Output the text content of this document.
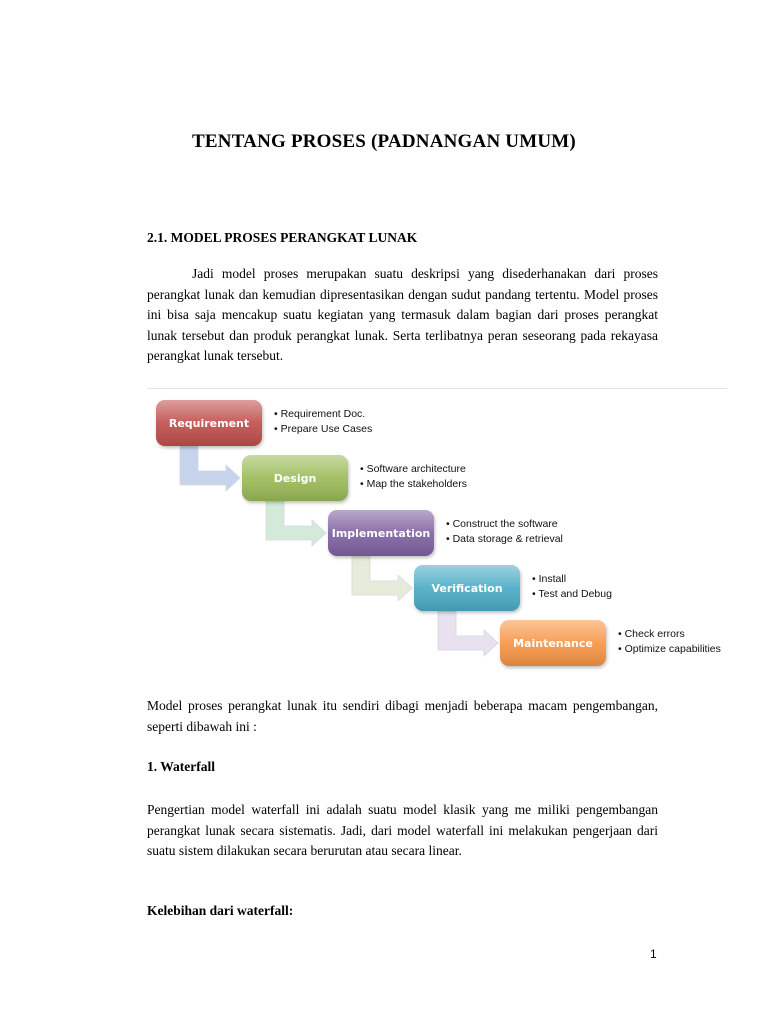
TENTANG PROSES (PADNANGAN UMUM)
2.1. MODEL PROSES PERANGKAT LUNAK

Jadi model proses merupakan suatu deskripsi yang disederhanakan dari proses perangkat lunak dan kemudian dipresentasikan dengan sudut pandang tertentu. Model proses ini bisa saja mencakup suatu kegiatan yang termasuk dalam bagian dari proses perangkat lunak tersebut dan produk perangkat lunak. Serta terlibatnya peran seseorang pada rekayasa perangkat lunak tersebut.

Requirement
Design
Implementation
Verification
Maintenance
• Requirement Doc.
• Prepare Use Cases
• Software architecture
• Map the stakeholders
• Construct the software
• Data storage & retrieval
• Install
• Test and Debug
• Check errors
• Optimize capabilities

Model proses perangkat lunak itu sendiri dibagi menjadi beberapa macam pengembangan, seperti dibawah ini :

1. Waterfall

Pengertian model waterfall ini adalah suatu model klasik yang me miliki pengembangan perangkat lunak secara sistematis. Jadi, dari model waterfall ini melakukan pengerjaan dari suatu sistem dilakukan secara berurutan atau secara linear.

Kelebihan dari waterfall:
1
